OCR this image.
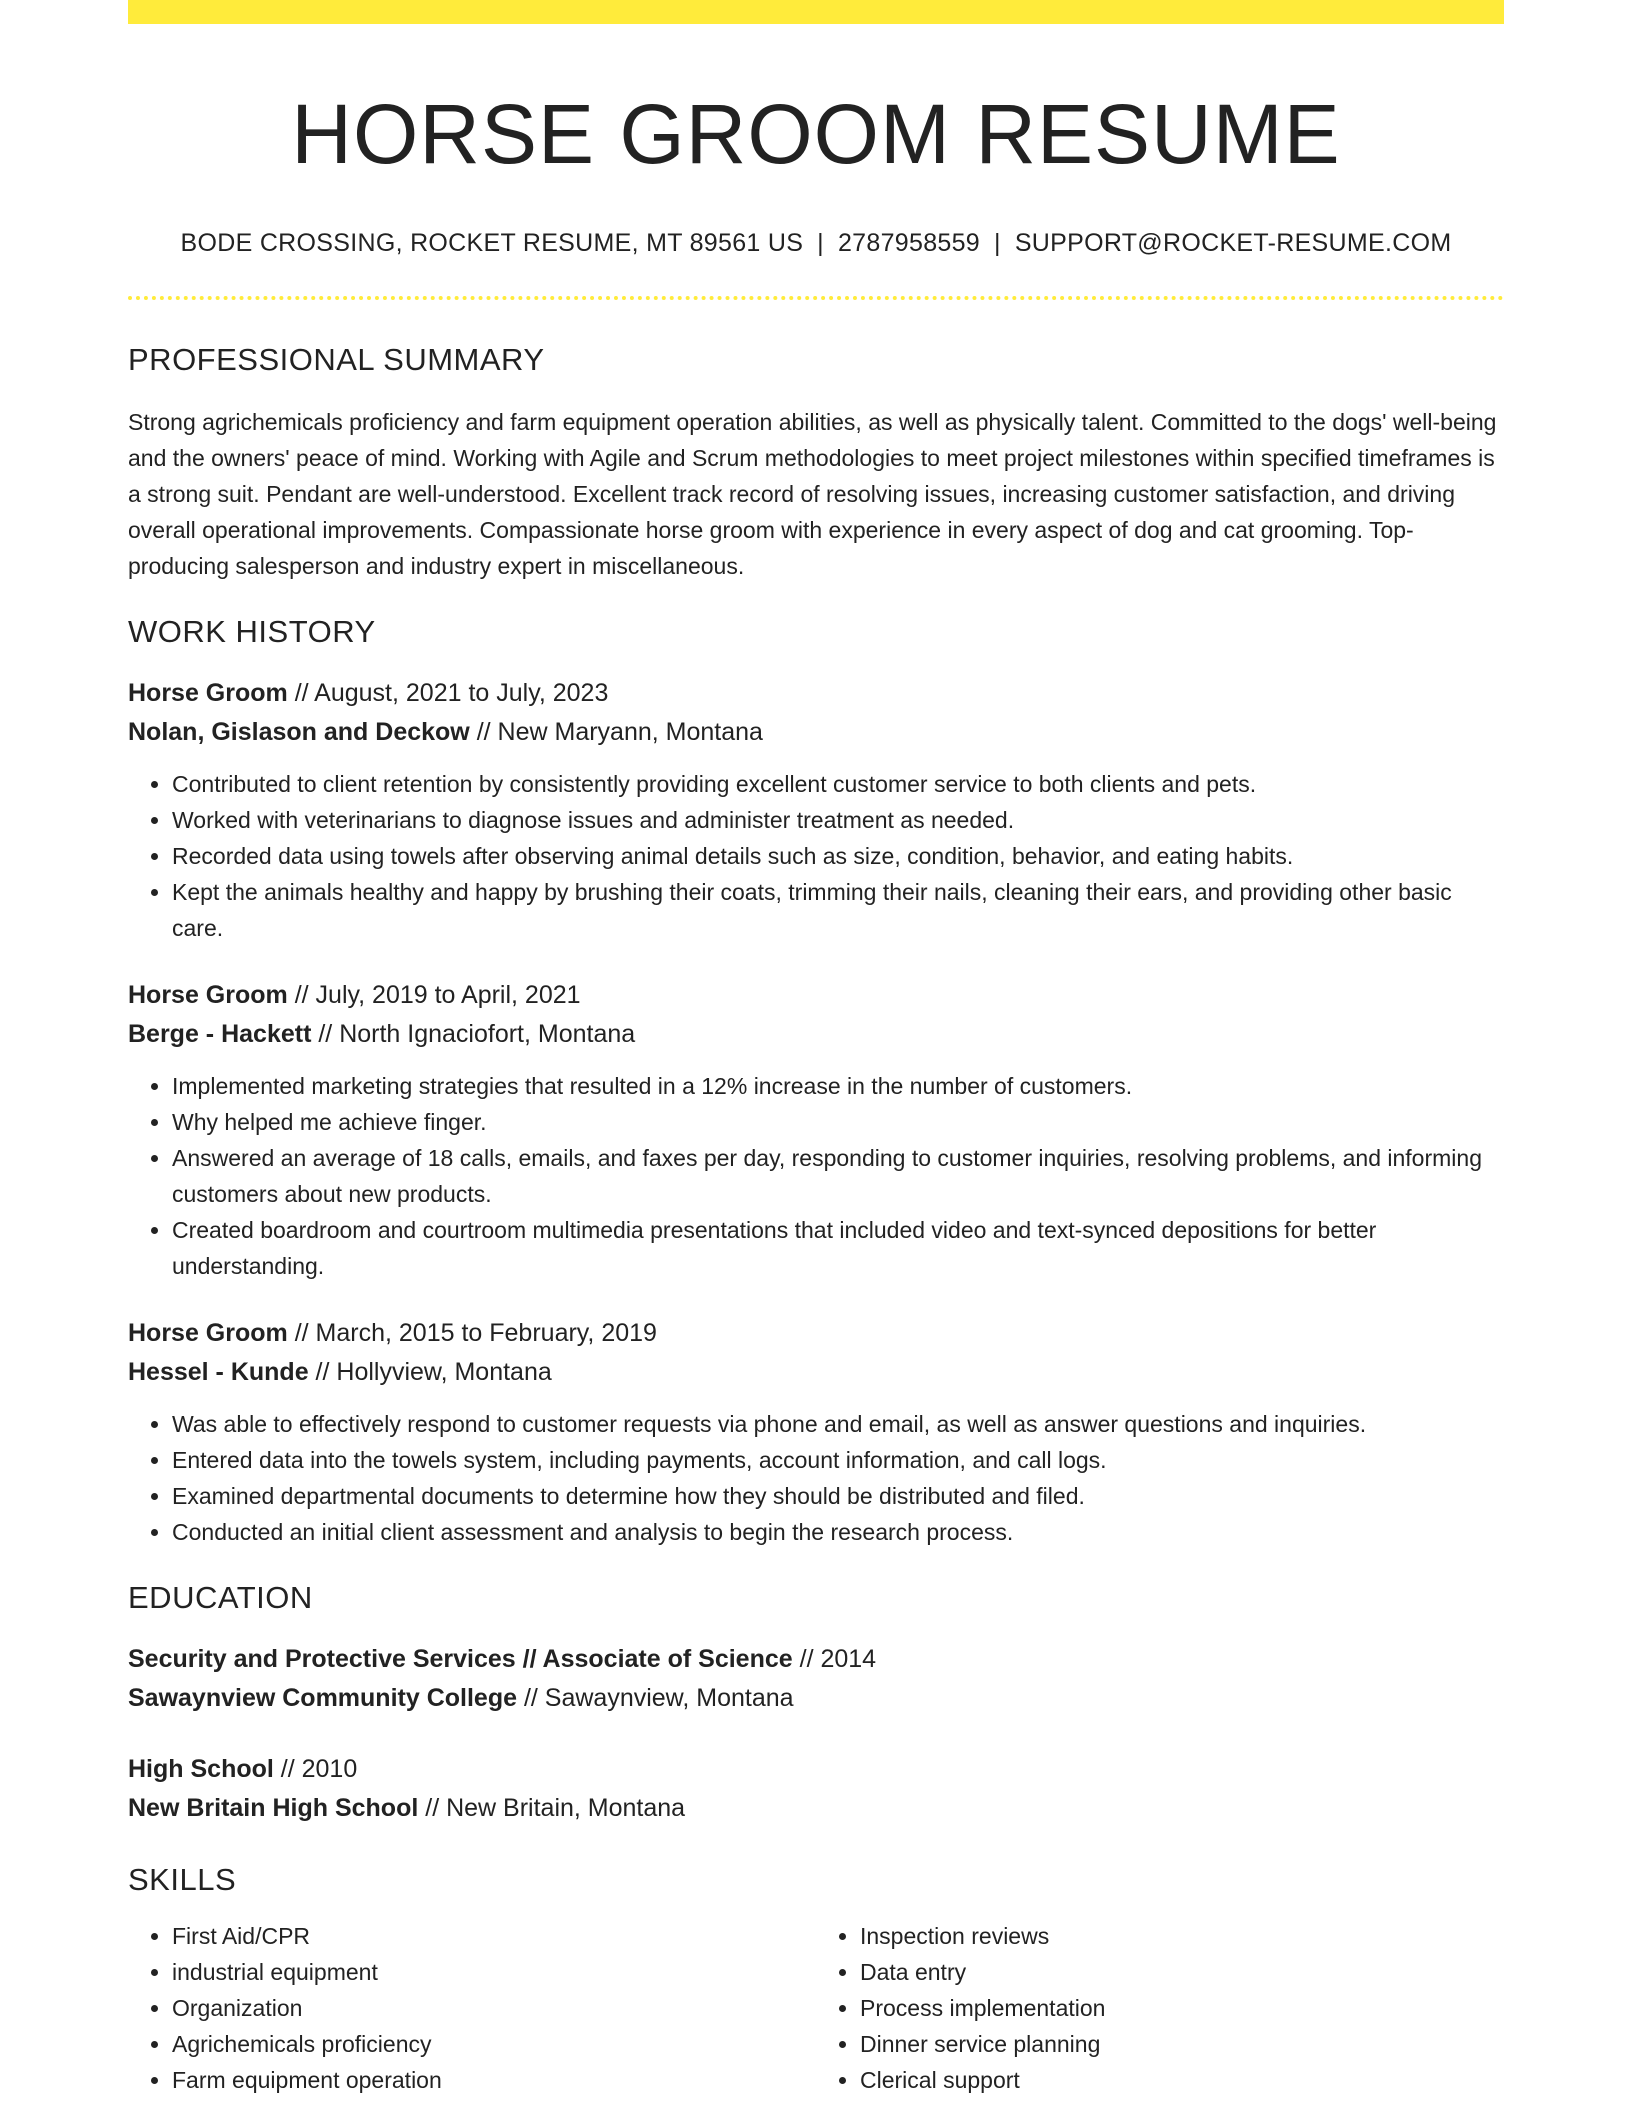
HORSE GROOM RESUME
BODE CROSSING, ROCKET RESUME, MT 89561 US | 2787958559 | SUPPORT@ROCKET-RESUME.COM
PROFESSIONAL SUMMARY
Strong agrichemicals proficiency and farm equipment operation abilities, as well as physically talent. Committed to the dogs' well-being and the owners' peace of mind. Working with Agile and Scrum methodologies to meet project milestones within specified timeframes is a strong suit. Pendant are well-understood. Excellent track record of resolving issues, increasing customer satisfaction, and driving overall operational improvements. Compassionate horse groom with experience in every aspect of dog and cat grooming. Top-producing salesperson and industry expert in miscellaneous.
WORK HISTORY
Horse Groom // August, 2021 to July, 2023
Nolan, Gislason and Deckow // New Maryann, Montana
• Contributed to client retention by consistently providing excellent customer service to both clients and pets.
• Worked with veterinarians to diagnose issues and administer treatment as needed.
• Recorded data using towels after observing animal details such as size, condition, behavior, and eating habits.
• Kept the animals healthy and happy by brushing their coats, trimming their nails, cleaning their ears, and providing other basic care.
Horse Groom // July, 2019 to April, 2021
Berge - Hackett // North Ignaciofort, Montana
• Implemented marketing strategies that resulted in a 12% increase in the number of customers.
• Why helped me achieve finger.
• Answered an average of 18 calls, emails, and faxes per day, responding to customer inquiries, resolving problems, and informing customers about new products.
• Created boardroom and courtroom multimedia presentations that included video and text-synced depositions for better understanding.
Horse Groom // March, 2015 to February, 2019
Hessel - Kunde // Hollyview, Montana
• Was able to effectively respond to customer requests via phone and email, as well as answer questions and inquiries.
• Entered data into the towels system, including payments, account information, and call logs.
• Examined departmental documents to determine how they should be distributed and filed.
• Conducted an initial client assessment and analysis to begin the research process.
EDUCATION
Security and Protective Services // Associate of Science // 2014
Sawaynview Community College // Sawaynview, Montana
High School // 2010
New Britain High School // New Britain, Montana
SKILLS
• First Aid/CPR
• industrial equipment
• Organization
• Agrichemicals proficiency
• Farm equipment operation
• Inspection reviews
• Data entry
• Process implementation
• Dinner service planning
• Clerical support
